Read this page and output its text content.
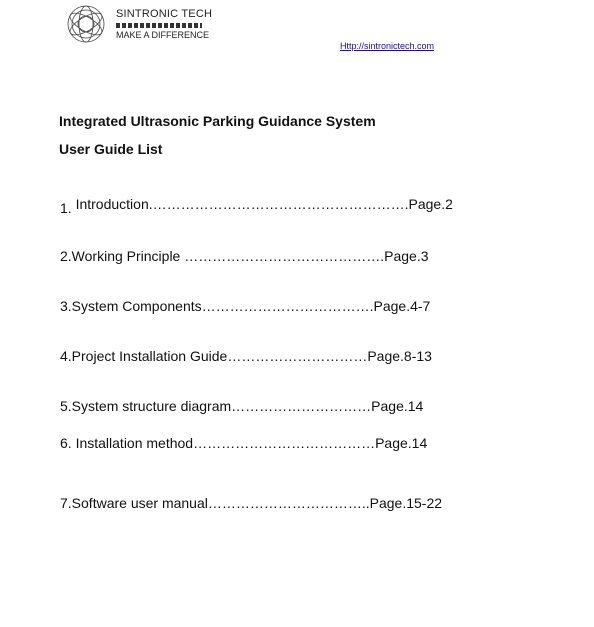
SINTRONIC TECH
MAKE A DIFFERENCE
Http://sintronictech.com
Integrated Ultrasonic Parking Guidance System
User Guide List
1. Introduction.……………………………………………….Page.2
2.Working Principle …………………………………….Page.3
3.System Components……………………………….Page.4-7
4.Project Installation Guide…………………………Page.8-13
5.System structure diagram…………………………Page.14
6. Installation method…………………………………Page.14
7.Software user manual……………………………..Page.15-22
